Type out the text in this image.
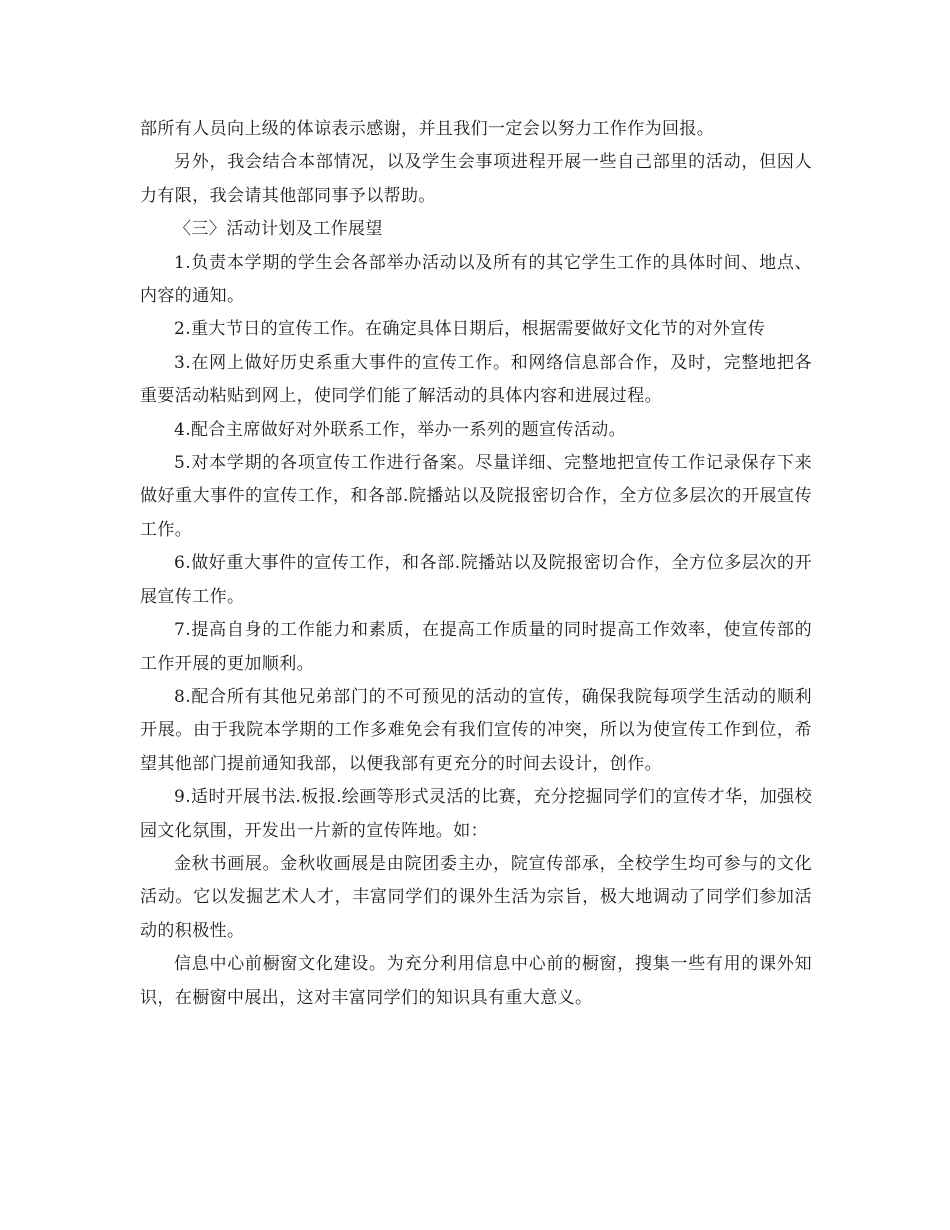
部所有人员向上级的体谅表示感谢，并且我们一定会以努力工作作为回报。

另外，我会结合本部情况，以及学生会事项进程开展一些自己部里的活动，但因人力有限，我会请其他部同事予以帮助。

〈三〉活动计划及工作展望

1.负责本学期的学生会各部举办活动以及所有的其它学生工作的具体时间、地点、内容的通知。

2.重大节日的宣传工作。在确定具体日期后，根据需要做好文化节的对外宣传

3.在网上做好历史系重大事件的宣传工作。和网络信息部合作，及时，完整地把各重要活动粘贴到网上，使同学们能了解活动的具体内容和进展过程。

4.配合主席做好对外联系工作，举办一系列的题宣传活动。

5.对本学期的各项宣传工作进行备案。尽量详细、完整地把宣传工作记录保存下来做好重大事件的宣传工作，和各部.院播站以及院报密切合作，全方位多层次的开展宣传工作。

6.做好重大事件的宣传工作，和各部.院播站以及院报密切合作，全方位多层次的开展宣传工作。

7.提高自身的工作能力和素质，在提高工作质量的同时提高工作效率，使宣传部的工作开展的更加顺利。

8.配合所有其他兄弟部门的不可预见的活动的宣传，确保我院每项学生活动的顺利开展。由于我院本学期的工作多难免会有我们宣传的冲突，所以为使宣传工作到位，希望其他部门提前通知我部，以便我部有更充分的时间去设计，创作。

9.适时开展书法.板报.绘画等形式灵活的比赛，充分挖掘同学们的宣传才华，加强校园文化氛围，开发出一片新的宣传阵地。如：

金秋书画展。金秋收画展是由院团委主办，院宣传部承，全校学生均可参与的文化活动。它以发掘艺术人才，丰富同学们的课外生活为宗旨，极大地调动了同学们参加活动的积极性。

信息中心前橱窗文化建设。为充分利用信息中心前的橱窗，搜集一些有用的课外知识，在橱窗中展出，这对丰富同学们的知识具有重大意义。
